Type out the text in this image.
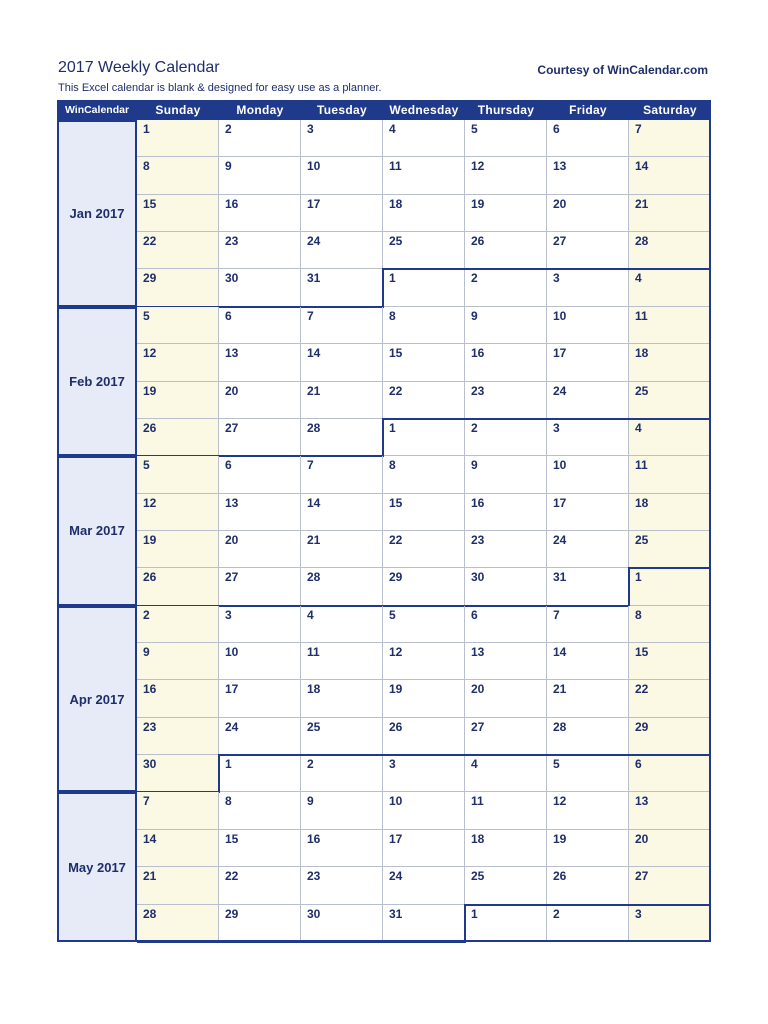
2017 Weekly Calendar	Courtesy of WinCalendar.com
This Excel calendar is blank & designed for easy use as a planner.
WinCalendar	Sunday	Monday	Tuesday	Wednesday	Thursday	Friday	Saturday
Jan 2017
1	2	3	4	5	6	7
8	9	10	11	12	13	14
15	16	17	18	19	20	21
22	23	24	25	26	27	28
29	30	31	1	2	3	4
Feb 2017
5	6	7	8	9	10	11
12	13	14	15	16	17	18
19	20	21	22	23	24	25
26	27	28	1	2	3	4
Mar 2017
5	6	7	8	9	10	11
12	13	14	15	16	17	18
19	20	21	22	23	24	25
26	27	28	29	30	31	1
Apr 2017
2	3	4	5	6	7	8
9	10	11	12	13	14	15
16	17	18	19	20	21	22
23	24	25	26	27	28	29
30	1	2	3	4	5	6
May 2017
7	8	9	10	11	12	13
14	15	16	17	18	19	20
21	22	23	24	25	26	27
28	29	30	31	1	2	3
